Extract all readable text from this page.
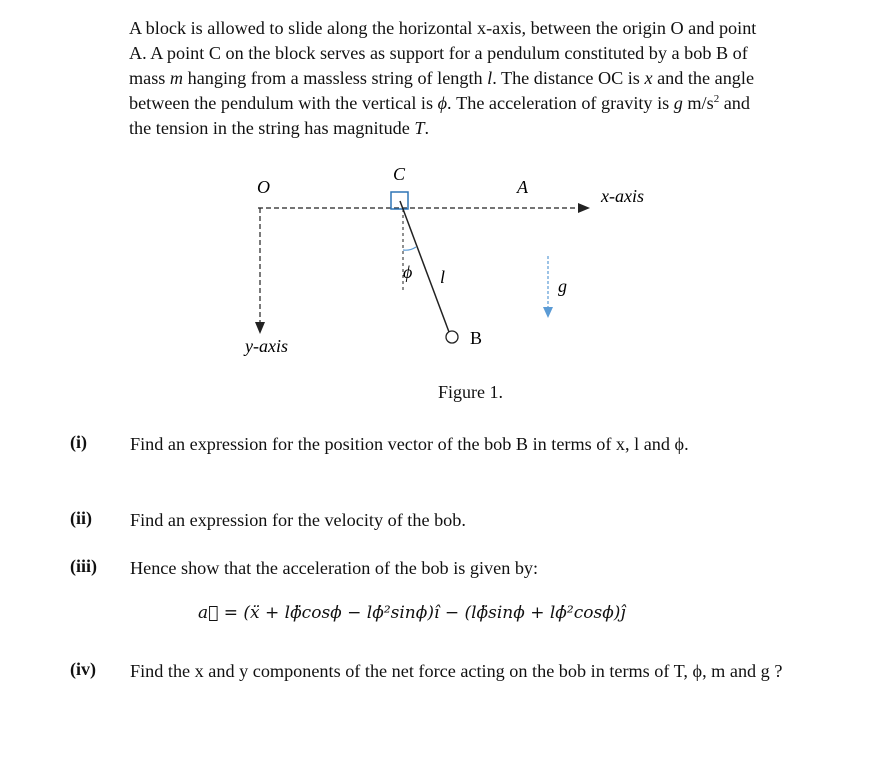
A block is allowed to slide along the horizontal x-axis, between the origin O and point
A. A point C on the block serves as support for a pendulum constituted by a bob B of
mass m hanging from a massless string of length l. The distance OC is x and the angle
between the pendulum with the vertical is ϕ. The acceleration of gravity is g $m/s^2$ and
the tension in the string has magnitude T.
O
C
A	x-axis
y-axis
ϕ l	g
B
Figure 1.
(i) Find an expression for the position vector of the bob B in terms of x, l and ϕ.
(ii) Find an expression for the velocity of the bob.
(iii) Hence show that the acceleration of the bob is given by:
a⃗ = (ẍ + lϕ̈cosϕ − lϕ̇²sinϕ)î − (lϕ̈sinϕ + lϕ̇²cosϕ)ĵ
(iv) Find the x and y components of the net force acting on the bob in terms of T, ϕ, m and g ?
